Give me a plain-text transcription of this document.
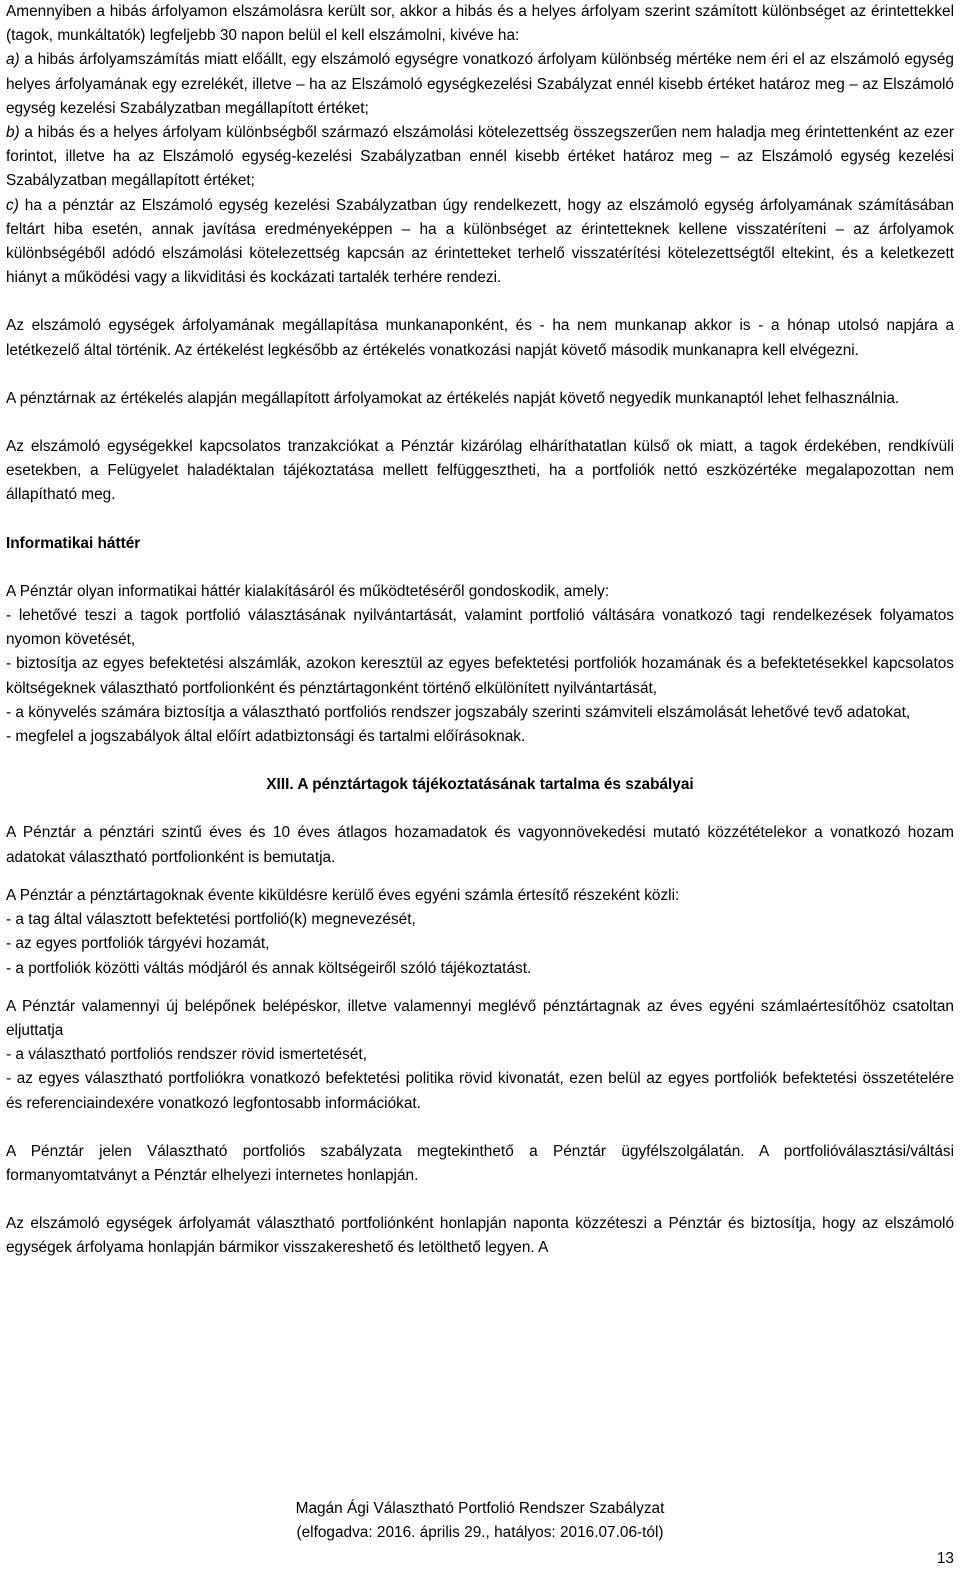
Amennyiben a hibás árfolyamon elszámolásra került sor, akkor a hibás és a helyes árfolyam szerint számított különbséget az érintettekkel (tagok, munkáltatók) legfeljebb 30 napon belül el kell elszámolni, kivéve ha:

a) a hibás árfolyamszámítás miatt előállt, egy elszámoló egységre vonatkozó árfolyam különbség mértéke nem éri el az elszámoló egység helyes árfolyamának egy ezrelékét, illetve – ha az Elszámoló egységkezelési Szabályzat ennél kisebb értéket határoz meg – az Elszámoló egység kezelési Szabályzatban megállapított értéket;

b) a hibás és a helyes árfolyam különbségből származó elszámolási kötelezettség összegszerűen nem haladja meg érintettenként az ezer forintot, illetve ha az Elszámoló egység-kezelési Szabályzatban ennél kisebb értéket határoz meg – az Elszámoló egység kezelési Szabályzatban megállapított értéket;

c) ha a pénztár az Elszámoló egység kezelési Szabályzatban úgy rendelkezett, hogy az elszámoló egység árfolyamának számításában feltárt hiba esetén, annak javítása eredményeképpen – ha a különbséget az érintetteknek kellene visszatéríteni – az árfolyamok különbségéből adódó elszámolási kötelezettség kapcsán az érintetteket terhelő visszatérítési kötelezettségtől eltekint, és a keletkezett hiányt a működési vagy a likviditási és kockázati tartalék terhére rendezi.

Az elszámoló egységek árfolyamának megállapítása munkanaponként, és - ha nem munkanap akkor is - a hónap utolsó napjára a letétkezelő által történik. Az értékelést legkésőbb az értékelés vonatkozási napját követő második munkanapra kell elvégezni.

A pénztárnak az értékelés alapján megállapított árfolyamokat az értékelés napját követő negyedik munkanaptól lehet felhasználnia.

Az elszámoló egységekkel kapcsolatos tranzakciókat a Pénztár kizárólag elháríthatatlan külső ok miatt, a tagok érdekében, rendkívüli esetekben, a Felügyelet haladéktalan tájékoztatása mellett felfüggesztheti, ha a portfoliók nettó eszközértéke megalapozottan nem állapítható meg.

Informatikai háttér

A Pénztár olyan informatikai háttér kialakításáról és működtetéséről gondoskodik, amely:

- lehetővé teszi a tagok portfolió választásának nyilvántartását, valamint portfolió váltására vonatkozó tagi rendelkezések folyamatos nyomon követését,

- biztosítja az egyes befektetési alszámlák, azokon keresztül az egyes befektetési portfoliók hozamának és a befektetésekkel kapcsolatos költségeknek választható portfolionként és pénztártagonként történő elkülönített nyilvántartását,

- a könyvelés számára biztosítja a választható portfoliós rendszer jogszabály szerinti számviteli elszámolását lehetővé tevő adatokat,

- megfelel a jogszabályok által előírt adatbiztonsági és tartalmi előírásoknak.

XIII. A pénztártagok tájékoztatásának tartalma és szabályai

A Pénztár a pénztári szintű éves és 10 éves átlagos hozamadatok és vagyonnövekedési mutató közzétételekor a vonatkozó hozam adatokat választható portfolionként is bemutatja.

A Pénztár a pénztártagoknak évente kiküldésre kerülő éves egyéni számla értesítő részeként közli:

- a tag által választott befektetési portfolió(k) megnevezését,

- az egyes portfoliók tárgyévi hozamát,

- a portfoliók közötti váltás módjáról és annak költségeiről szóló tájékoztatást.

A Pénztár valamennyi új belépőnek belépéskor, illetve valamennyi meglévő pénztártagnak az éves egyéni számlaértesítőhöz csatoltan eljuttatja

- a választható portfoliós rendszer rövid ismertetését,

- az egyes választható portfoliókra vonatkozó befektetési politika rövid kivonatát, ezen belül az egyes portfoliók befektetési összetételére és referenciaindexére vonatkozó legfontosabb információkat.

A Pénztár jelen Választható portfoliós szabályzata megtekinthető a Pénztár ügyfélszolgálatán. A portfolióválasztási/váltási formanyomtatványt a Pénztár elhelyezi internetes honlapján.

Az elszámoló egységek árfolyamát választható portfoliónként honlapján naponta közzéteszi a Pénztár és biztosítja, hogy az elszámoló egységek árfolyama honlapján bármikor visszakereshető és letölthető legyen. A

Magán Ági Választható Portfolió Rendszer Szabályzat
(elfogadva: 2016. április 29., hatályos: 2016.07.06-tól)
13
